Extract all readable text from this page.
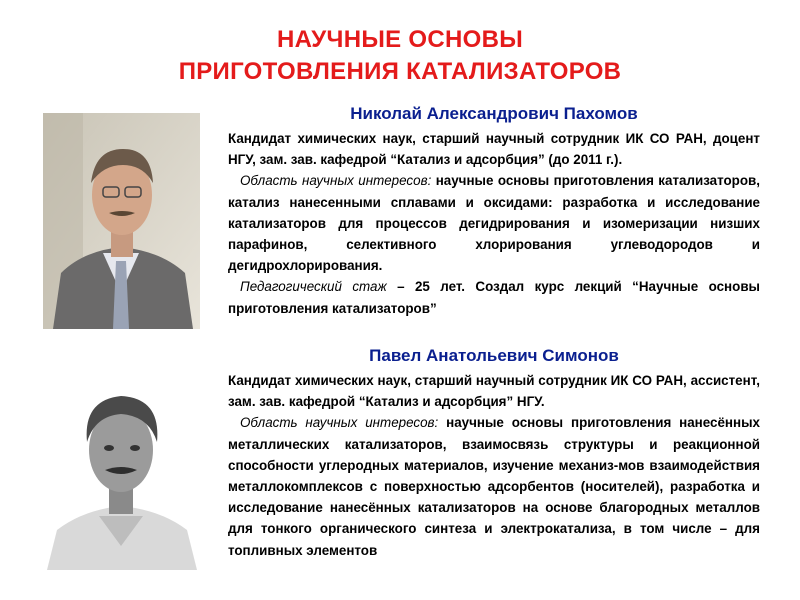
НАУЧНЫЕ ОСНОВЫ
ПРИГОТОВЛЕНИЯ КАТАЛИЗАТОРОВ
Николай Александрович Пахомов

Кандидат химических наук, старший научный сотрудник ИК СО РАН, доцент НГУ, зам. зав. кафедрой “Катализ и адсорбция” (до 2011 г.).

Область научных интересов: научные основы приготовления катализаторов, катализ нанесенными сплавами и оксидами: разработка и исследование катализаторов для процессов дегидрирования и изомеризации низших парафинов, селективного хлорирования углеводородов и дегидрохлорирования.

Педагогический стаж – 25 лет. Создал курс лекций “Научные основы приготовления катализаторов”

Павел Анатольевич Симонов

Кандидат химических наук, старший научный сотрудник ИК СО РАН, ассистент, зам. зав. кафедрой “Катализ и адсорбция” НГУ.

Область научных интересов: научные основы приготовления нанесённых металлических катализаторов, взаимосвязь структуры и реакционной способности углеродных материалов, изучение механиз-мов взаимодействия металлокомплексов с поверхностью адсорбентов (носителей), разработка и исследование нанесённых катализаторов на основе благородных металлов для тонкого органического синтеза и электрокатализа, в том числе – для топливных элементов
